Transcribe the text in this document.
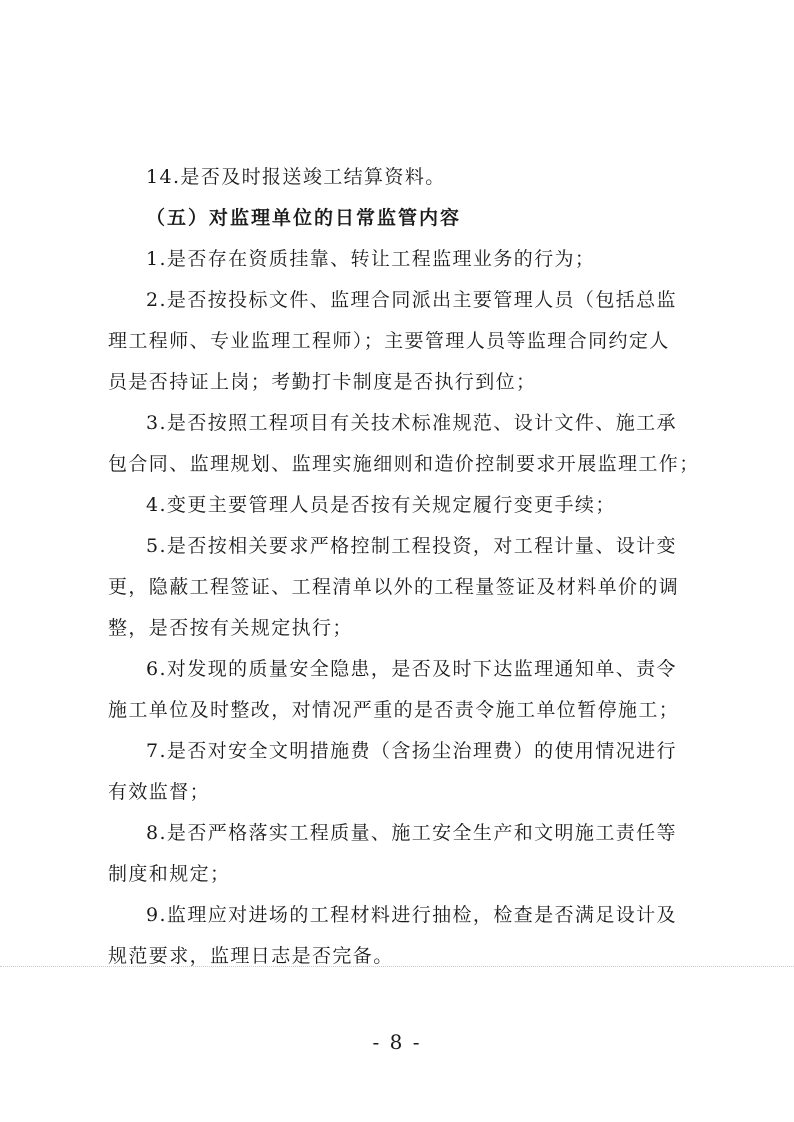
14.是否及时报送竣工结算资料。

（五）对监理单位的日常监管内容

1.是否存在资质挂靠、转让工程监理业务的行为；

2.是否按投标文件、监理合同派出主要管理人员（包括总监

理工程师、专业监理工程师）；主要管理人员等监理合同约定人

员是否持证上岗；考勤打卡制度是否执行到位；

3.是否按照工程项目有关技术标准规范、设计文件、施工承

包合同、监理规划、监理实施细则和造价控制要求开展监理工作；

4.变更主要管理人员是否按有关规定履行变更手续；

5.是否按相关要求严格控制工程投资，对工程计量、设计变

更，隐蔽工程签证、工程清单以外的工程量签证及材料单价的调

整，是否按有关规定执行；

6.对发现的质量安全隐患，是否及时下达监理通知单、责令

施工单位及时整改，对情况严重的是否责令施工单位暂停施工；

7.是否对安全文明措施费（含扬尘治理费）的使用情况进行

有效监督；

8.是否严格落实工程质量、施工安全生产和文明施工责任等

制度和规定；

9.监理应对进场的工程材料进行抽检，检查是否满足设计及

规范要求，监理日志是否完备。

- 8 -
